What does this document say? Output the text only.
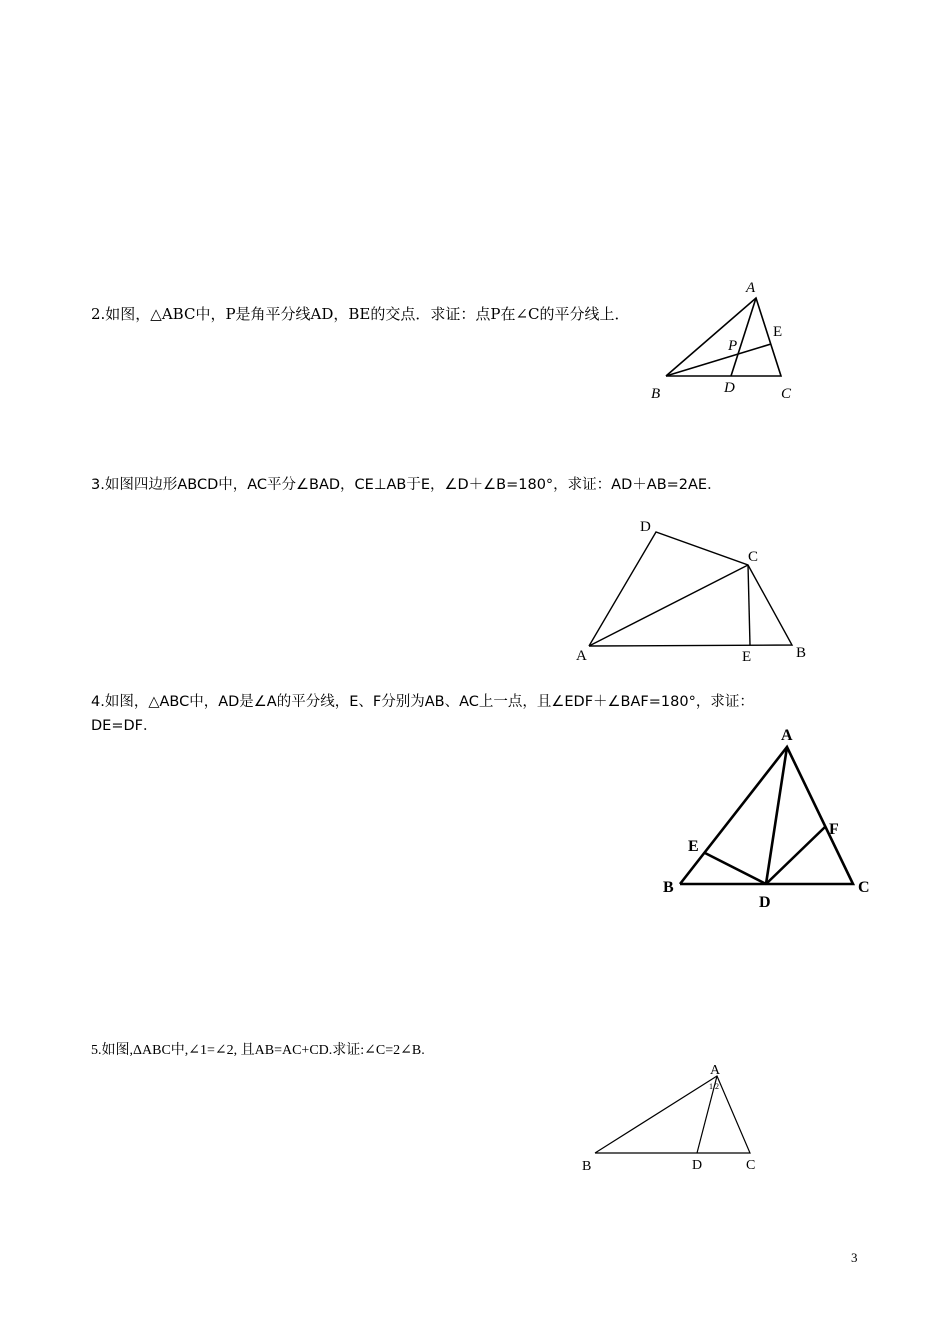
2.如图，△ABC中，P是角平分线AD，BE的交点．求证：点P在∠C的平分线上．
A
B	C
D
E
P
3.如图四边形ABCD中，AC平分∠BAD，CE⊥AB于E，∠D＋∠B=180°，求证：AD＋AB=2AE．
A	B
C
D
E
4.如图，△ABC中，AD是∠A的平分线，E、F分别为AB、AC上一点，且∠EDF＋∠BAF=180°，求证：
DE=DF．
A
B	C
D
E
F
5.如图,ΔABC中,∠1=∠2, 且AB=AC+CD.求证:∠C=2∠B.
A
B	C
D
1 2
3
